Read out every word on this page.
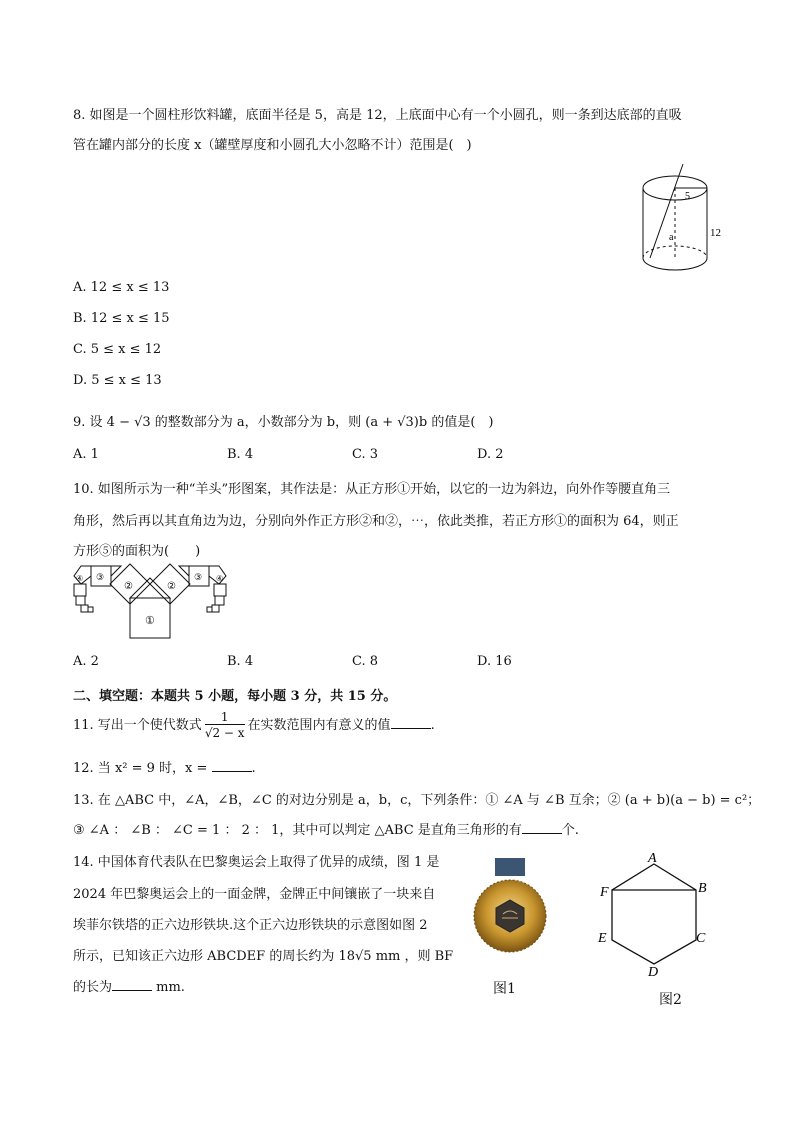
8. 如图是一个圆柱形饮料罐，底面半径是 5，高是 12，上底面中心有一个小圆孔，则一条到达底部的直吸
管在罐内部分的长度 x（罐壁厚度和小圆孔大小忽略不计）范围是(　)
5
a	12
A. 12 ≤ x ≤ 13
B. 12 ≤ x ≤ 15
C. 5 ≤ x ≤ 12
D. 5 ≤ x ≤ 13
9. 设 4 − √3 的整数部分为 a，小数部分为 b，则 (a + √3)b 的值是(　)
A. 1	B. 4	C. 3	D. 2
10. 如图所示为一种“羊头”形图案，其作法是：从正方形①开始，以它的一边为斜边，向外作等腰直角三
角形，然后再以其直角边为边，分别向外作正方形②和②，⋯，依此类推，若正方形①的面积为 64，则正
方形⑤的面积为(　　)
①
②	②
③	③
④	④
A. 2	B. 4	C. 8	D. 16
二、填空题：本题共 5 小题，每小题 3 分，共 15 分。
11. 写出一个使代数式 $\frac{1}{√2 - x}$ 在实数范围内有意义的值	.
12. 当 x² = 9 时，x =	.
13. 在 △ABC 中，∠A，∠B，∠C 的对边分别是 a，b，c，下列条件：① ∠A 与 ∠B 互余；② (a + b)(a − b) = c²；
③ ∠A ： ∠B ： ∠C = 1 ： 2 ： 1，其中可以判定 △ABC 是直角三角形的有	个.
14. 中国体育代表队在巴黎奥运会上取得了优异的成绩，图 1 是
2024 年巴黎奥运会上的一面金牌，金牌正中间镶嵌了一块来自
埃菲尔铁塔的正六边形铁块.这个正六边形铁块的示意图如图 2
所示，已知该正六边形 ABCDEF 的周长约为 18√5 mm ，则 BF
的长为	mm.	图1
A
B
C
D
E
F
图2
